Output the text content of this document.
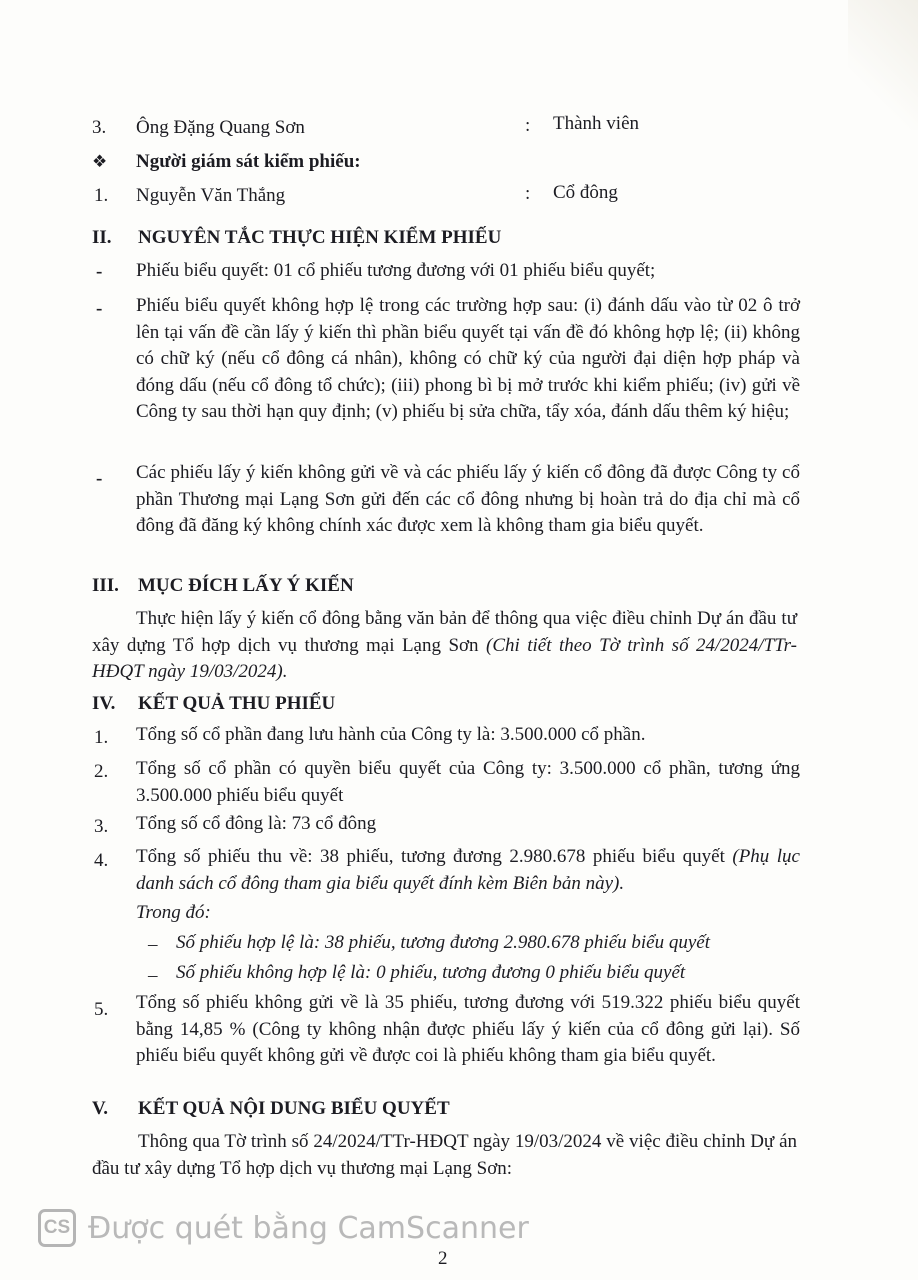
3. Ông Đặng Quang Sơn	: Thành viên
❖ Người giám sát kiểm phiếu:
1. Nguyễn Văn Thắng	: Cổ đông
II. NGUYÊN TẮC THỰC HIỆN KIỂM PHIẾU
- Phiếu biểu quyết: 01 cổ phiếu tương đương với 01 phiếu biểu quyết;
- Phiếu biểu quyết không hợp lệ trong các trường hợp sau: (i) đánh dấu vào từ 02 ô trở lên tại vấn đề cần lấy ý kiến thì phần biểu quyết tại vấn đề đó không hợp lệ; (ii) không có chữ ký (nếu cổ đông cá nhân), không có chữ ký của người đại diện hợp pháp và đóng dấu (nếu cổ đông tổ chức); (iii) phong bì bị mở trước khi kiểm phiếu; (iv) gửi về Công ty sau thời hạn quy định; (v) phiếu bị sửa chữa, tẩy xóa, đánh dấu thêm ký hiệu;
- Các phiếu lấy ý kiến không gửi về và các phiếu lấy ý kiến cổ đông đã được Công ty cổ phần Thương mại Lạng Sơn gửi đến các cổ đông nhưng bị hoàn trả do địa chỉ mà cổ đông đã đăng ký không chính xác được xem là không tham gia biểu quyết.
III. MỤC ĐÍCH LẤY Ý KIẾN
Thực hiện lấy ý kiến cổ đông bằng văn bản để thông qua việc điều chỉnh Dự án đầu tư xây dựng Tổ hợp dịch vụ thương mại Lạng Sơn (Chi tiết theo Tờ trình số 24/2024/TTr-HĐQT ngày 19/03/2024).
IV. KẾT QUẢ THU PHIẾU
1. Tổng số cổ phần đang lưu hành của Công ty là: 3.500.000 cổ phần.
2. Tổng số cổ phần có quyền biểu quyết của Công ty: 3.500.000 cổ phần, tương ứng 3.500.000 phiếu biểu quyết
3. Tổng số cổ đông là: 73 cổ đông
4. Tổng số phiếu thu về: 38 phiếu, tương đương 2.980.678 phiếu biểu quyết (Phụ lục danh sách cổ đông tham gia biểu quyết đính kèm Biên bản này).
Trong đó:
– Số phiếu hợp lệ là: 38 phiếu, tương đương 2.980.678 phiếu biểu quyết
– Số phiếu không hợp lệ là: 0 phiếu, tương đương 0 phiếu biểu quyết
5. Tổng số phiếu không gửi về là 35 phiếu, tương đương với 519.322 phiếu biểu quyết bằng 14,85 % (Công ty không nhận được phiếu lấy ý kiến của cổ đông gửi lại). Số phiếu biểu quyết không gửi về được coi là phiếu không tham gia biểu quyết.
V. KẾT QUẢ NỘI DUNG BIỂU QUYẾT
Thông qua Tờ trình số 24/2024/TTr-HĐQT ngày 19/03/2024 về việc điều chỉnh Dự án đầu tư xây dựng Tổ hợp dịch vụ thương mại Lạng Sơn:
CS Được quét bằng CamScanner
2
